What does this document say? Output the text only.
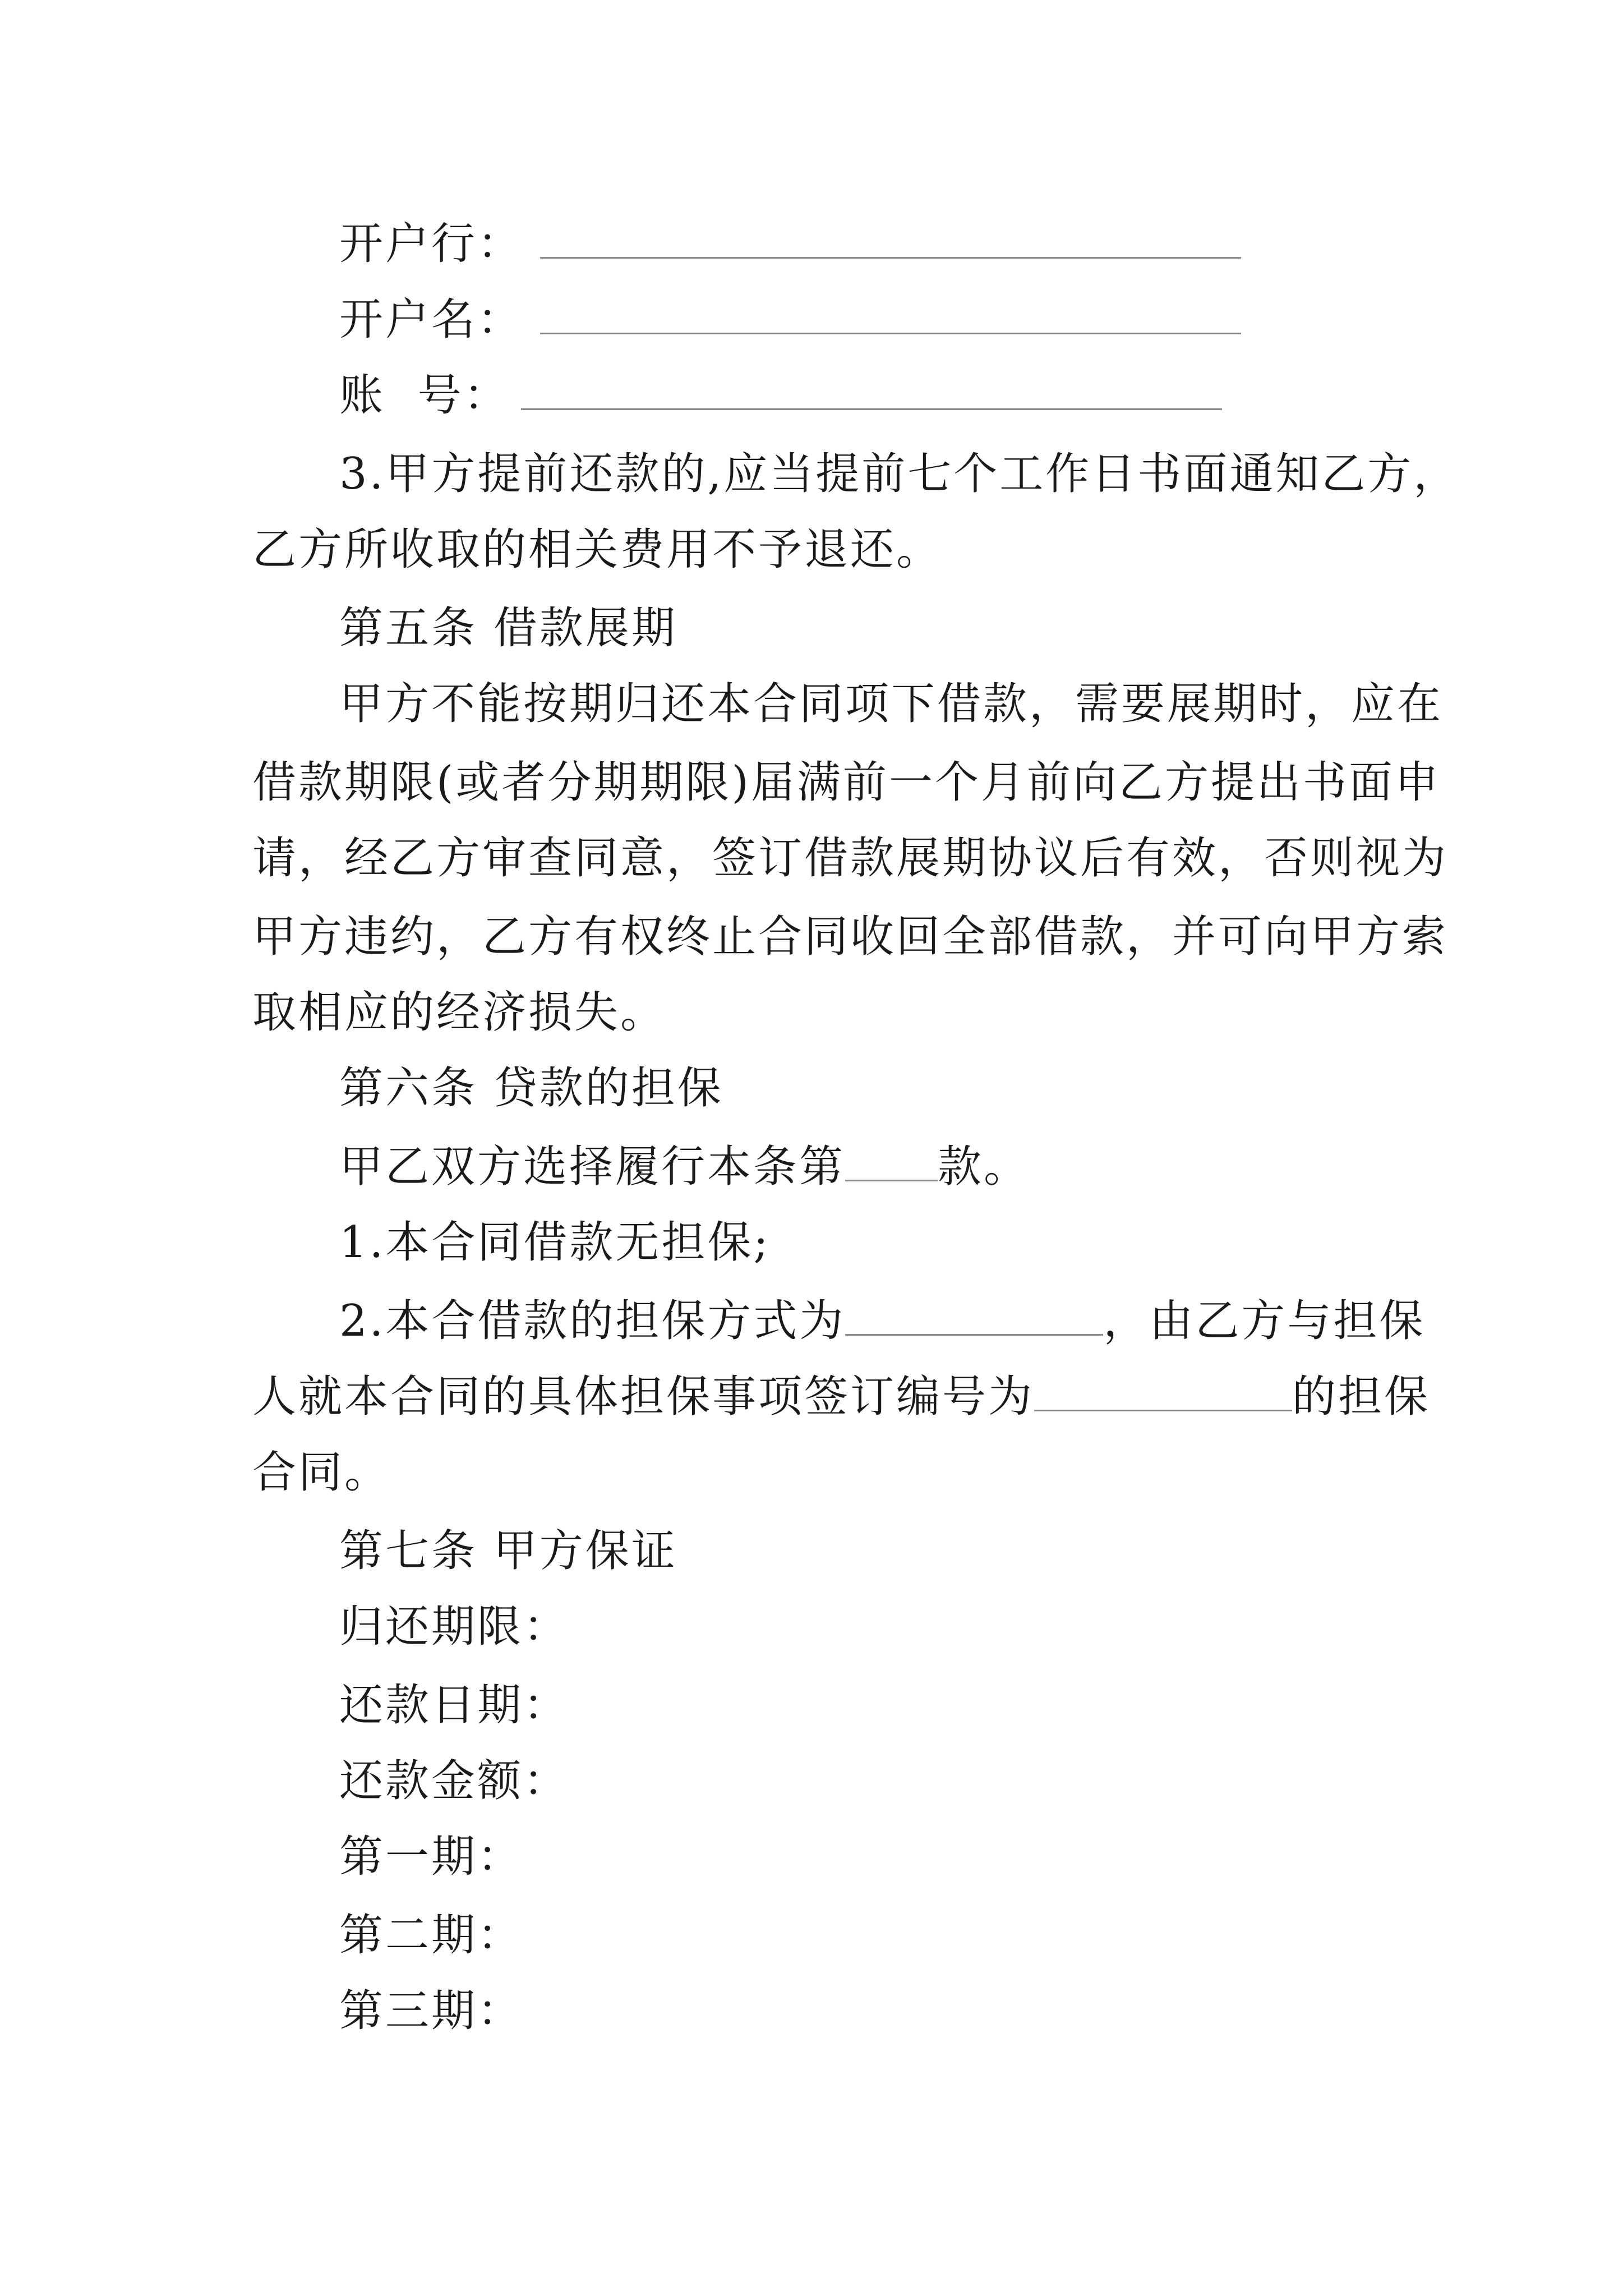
开户行：
开户名：
账  号：
3.甲方提前还款的,应当提前七个工作日书面通知乙方，
乙方所收取的相关费用不予退还。
第五条 借款展期
甲方不能按期归还本合同项下借款，需要展期时，应在
借款期限(或者分期期限)届满前一个月前向乙方提出书面申
请，经乙方审查同意，签订借款展期协议后有效，否则视为
甲方违约，乙方有权终止合同收回全部借款，并可向甲方索
取相应的经济损失。
第六条 贷款的担保
甲乙双方选择履行本条第 款。
1.本合同借款无担保;
2.本合借款的担保方式为	，由乙方与担保
人就本合同的具体担保事项签订编号为	的担保
合同。
第七条 甲方保证
归还期限：
还款日期：
还款金额：
第一期：
第二期：
第三期：
